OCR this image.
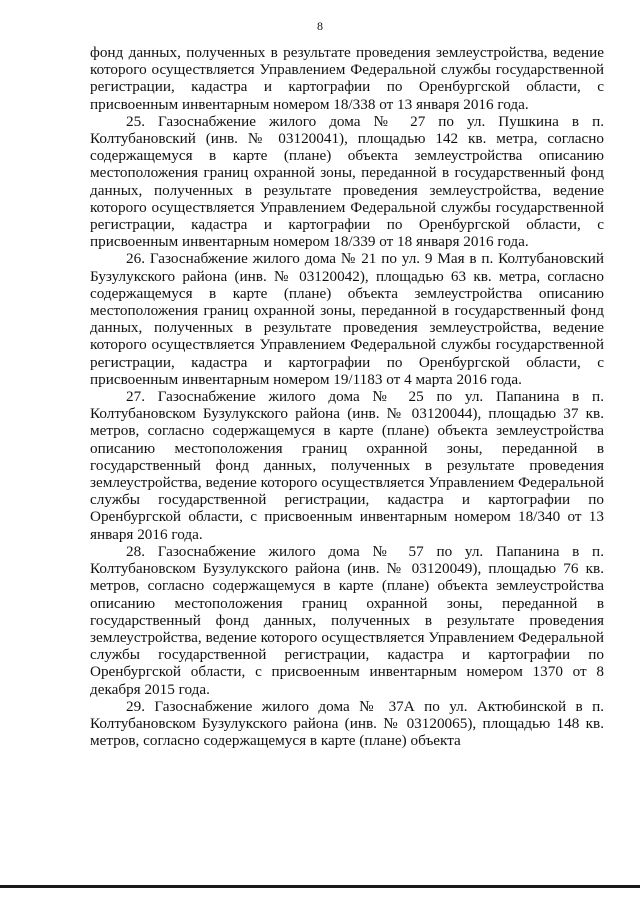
8

фонд данных, полученных в результате проведения землеустройства, ведение которого осуществляется Управлением Федеральной службы государственной регистрации, кадастра и картографии по Оренбургской области, с присвоенным инвентарным номером 18/338 от 13 января 2016 года.

25. Газоснабжение жилого дома № 27 по ул. Пушкина в п. Колтубановский (инв. № 03120041), площадью 142 кв. метра, согласно содержащемуся в карте (плане) объекта землеустройства описанию местоположения границ охранной зоны, переданной в государственный фонд данных, полученных в результате проведения землеустройства, ведение которого осуществляется Управлением Федеральной службы государственной регистрации, кадастра и картографии по Оренбургской области, с присвоенным инвентарным номером 18/339 от 18 января 2016 года.

26. Газоснабжение жилого дома № 21 по ул. 9 Мая в п. Колтубановский Бузулукского района (инв. № 03120042), площадью 63 кв. метра, согласно содержащемуся в карте (плане) объекта землеустройства описанию местоположения границ охранной зоны, переданной в государственный фонд данных, полученных в результате проведения землеустройства, ведение которого осуществляется Управлением Федеральной службы государственной регистрации, кадастра и картографии по Оренбургской области, с присвоенным инвентарным номером 19/1183 от 4 марта 2016 года.

27. Газоснабжение жилого дома № 25 по ул. Папанина в п. Колтубановском Бузулукского района (инв. № 03120044), площадью 37 кв. метров, согласно содержащемуся в карте (плане) объекта землеустройства описанию местоположения границ охранной зоны, переданной в государственный фонд данных, полученных в результате проведения землеустройства, ведение которого осуществляется Управлением Федеральной службы государственной регистрации, кадастра и картографии по Оренбургской области, с присвоенным инвентарным номером 18/340 от 13 января 2016 года.

28. Газоснабжение жилого дома № 57 по ул. Папанина в п. Колтубановском Бузулукского района (инв. № 03120049), площадью 76 кв. метров, согласно содержащемуся в карте (плане) объекта землеустройства описанию местоположения границ охранной зоны, переданной в государственный фонд данных, полученных в результате проведения землеустройства, ведение которого осуществляется Управлением Федеральной службы государственной регистрации, кадастра и картографии по Оренбургской области, с присвоенным инвентарным номером 1370 от 8 декабря 2015 года.

29. Газоснабжение жилого дома № 37А по ул. Актюбинской в п. Колтубановском Бузулукского района (инв. № 03120065), площадью 148 кв. метров, согласно содержащемуся в карте (плане) объекта
